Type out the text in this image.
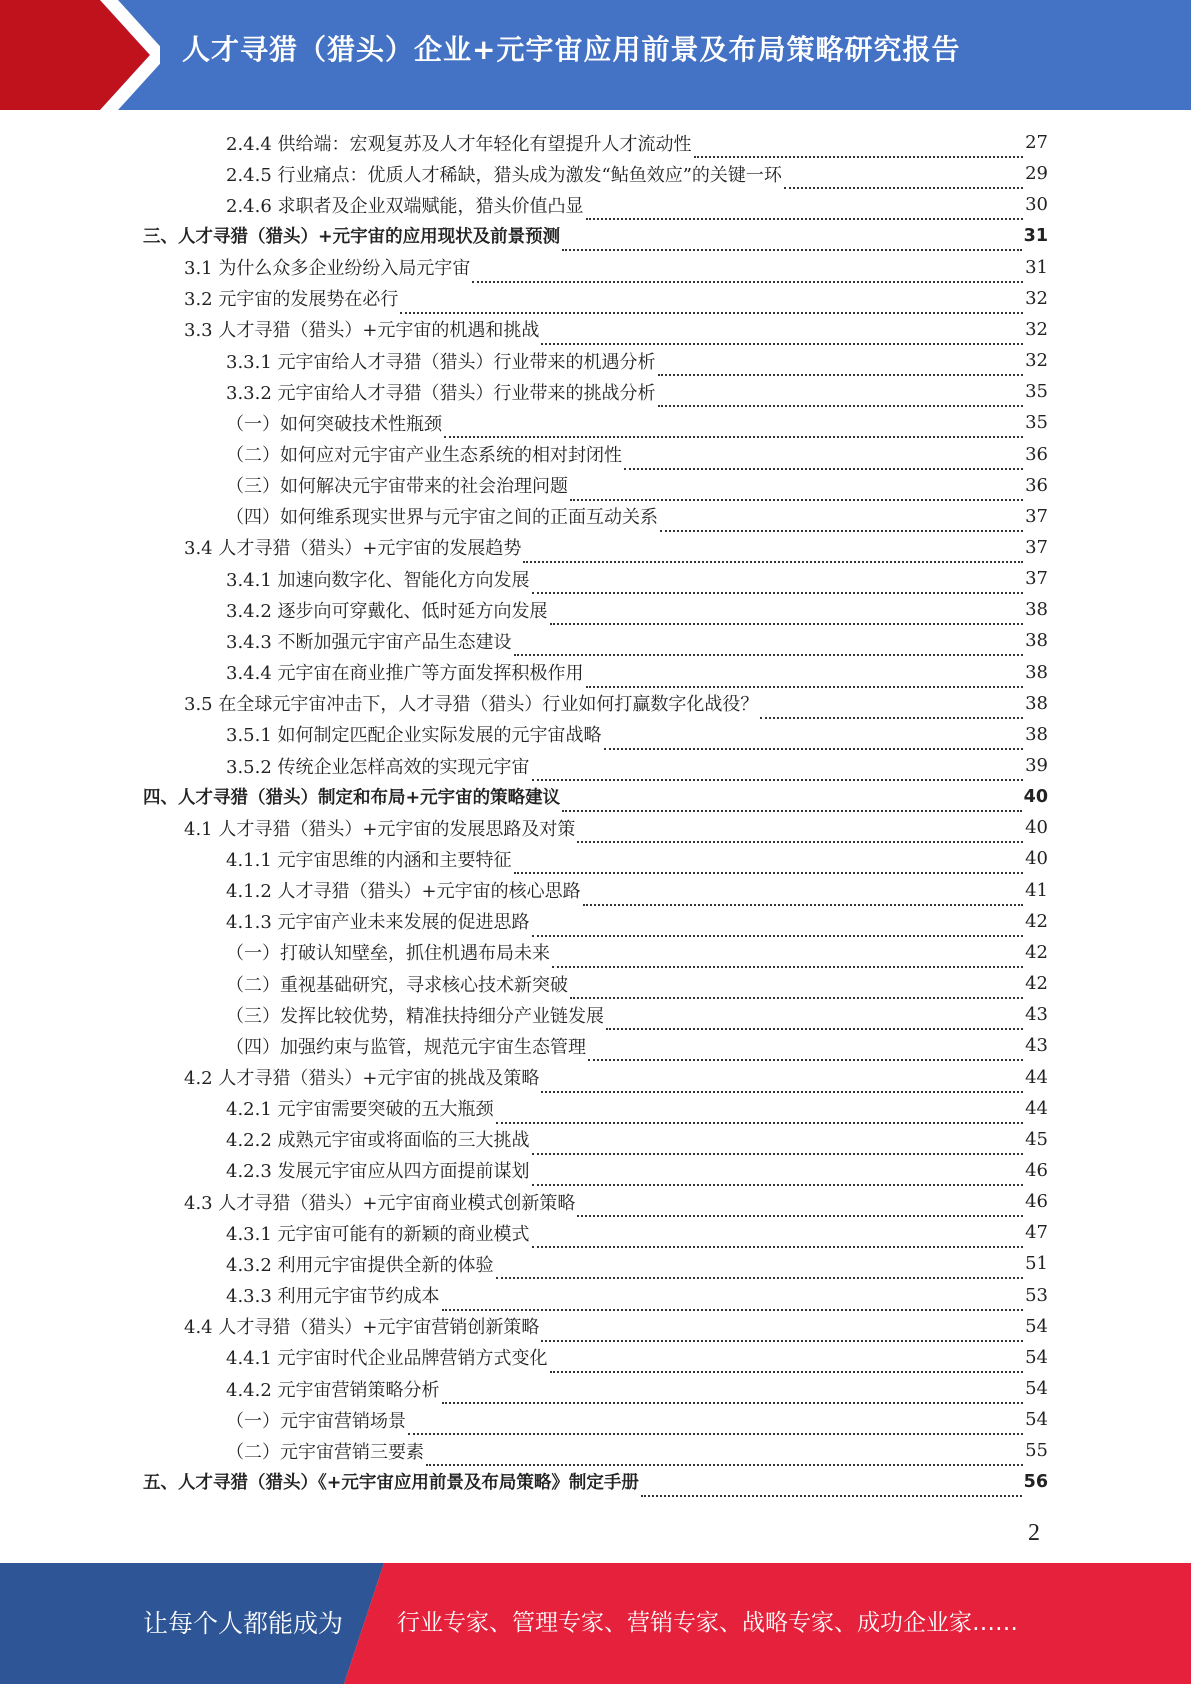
人才寻猎（猎头）企业+元宇宙应用前景及布局策略研究报告
2.4.4 供给端：宏观复苏及人才年轻化有望提升人才流动性	27
2.4.5 行业痛点：优质人才稀缺，猎头成为激发“鲇鱼效应”的关键一环	29
2.4.6 求职者及企业双端赋能，猎头价值凸显	30
三、人才寻猎（猎头）+元宇宙的应用现状及前景预测	31
3.1 为什么众多企业纷纷入局元宇宙	31
3.2 元宇宙的发展势在必行	32
3.3 人才寻猎（猎头）+元宇宙的机遇和挑战	32
3.3.1 元宇宙给人才寻猎（猎头）行业带来的机遇分析	32
3.3.2 元宇宙给人才寻猎（猎头）行业带来的挑战分析	35
（一）如何突破技术性瓶颈	35
（二）如何应对元宇宙产业生态系统的相对封闭性	36
（三）如何解决元宇宙带来的社会治理问题	36
（四）如何维系现实世界与元宇宙之间的正面互动关系	37
3.4 人才寻猎（猎头）+元宇宙的发展趋势	37
3.4.1 加速向数字化、智能化方向发展	37
3.4.2 逐步向可穿戴化、低时延方向发展	38
3.4.3 不断加强元宇宙产品生态建设	38
3.4.4 元宇宙在商业推广等方面发挥积极作用	38
3.5 在全球元宇宙冲击下，人才寻猎（猎头）行业如何打赢数字化战役？	38
3.5.1 如何制定匹配企业实际发展的元宇宙战略	38
3.5.2 传统企业怎样高效的实现元宇宙	39
四、人才寻猎（猎头）制定和布局+元宇宙的策略建议	40
4.1 人才寻猎（猎头）+元宇宙的发展思路及对策	40
4.1.1 元宇宙思维的内涵和主要特征	40
4.1.2 人才寻猎（猎头）+元宇宙的核心思路	41
4.1.3 元宇宙产业未来发展的促进思路	42
（一）打破认知壁垒，抓住机遇布局未来	42
（二）重视基础研究，寻求核心技术新突破	42
（三）发挥比较优势，精准扶持细分产业链发展	43
（四）加强约束与监管，规范元宇宙生态管理	43
4.2 人才寻猎（猎头）+元宇宙的挑战及策略	44
4.2.1 元宇宙需要突破的五大瓶颈	44
4.2.2 成熟元宇宙或将面临的三大挑战	45
4.2.3 发展元宇宙应从四方面提前谋划	46
4.3 人才寻猎（猎头）+元宇宙商业模式创新策略	46
4.3.1 元宇宙可能有的新颖的商业模式	47
4.3.2 利用元宇宙提供全新的体验	51
4.3.3 利用元宇宙节约成本	53
4.4 人才寻猎（猎头）+元宇宙营销创新策略	54
4.4.1 元宇宙时代企业品牌营销方式变化	54
4.4.2 元宇宙营销策略分析	54
（一）元宇宙营销场景	54
（二）元宇宙营销三要素	55
五、人才寻猎（猎头）《+元宇宙应用前景及布局策略》制定手册	56
2
让每个人都能成为 行业专家、管理专家、营销专家、战略专家、成功企业家……
